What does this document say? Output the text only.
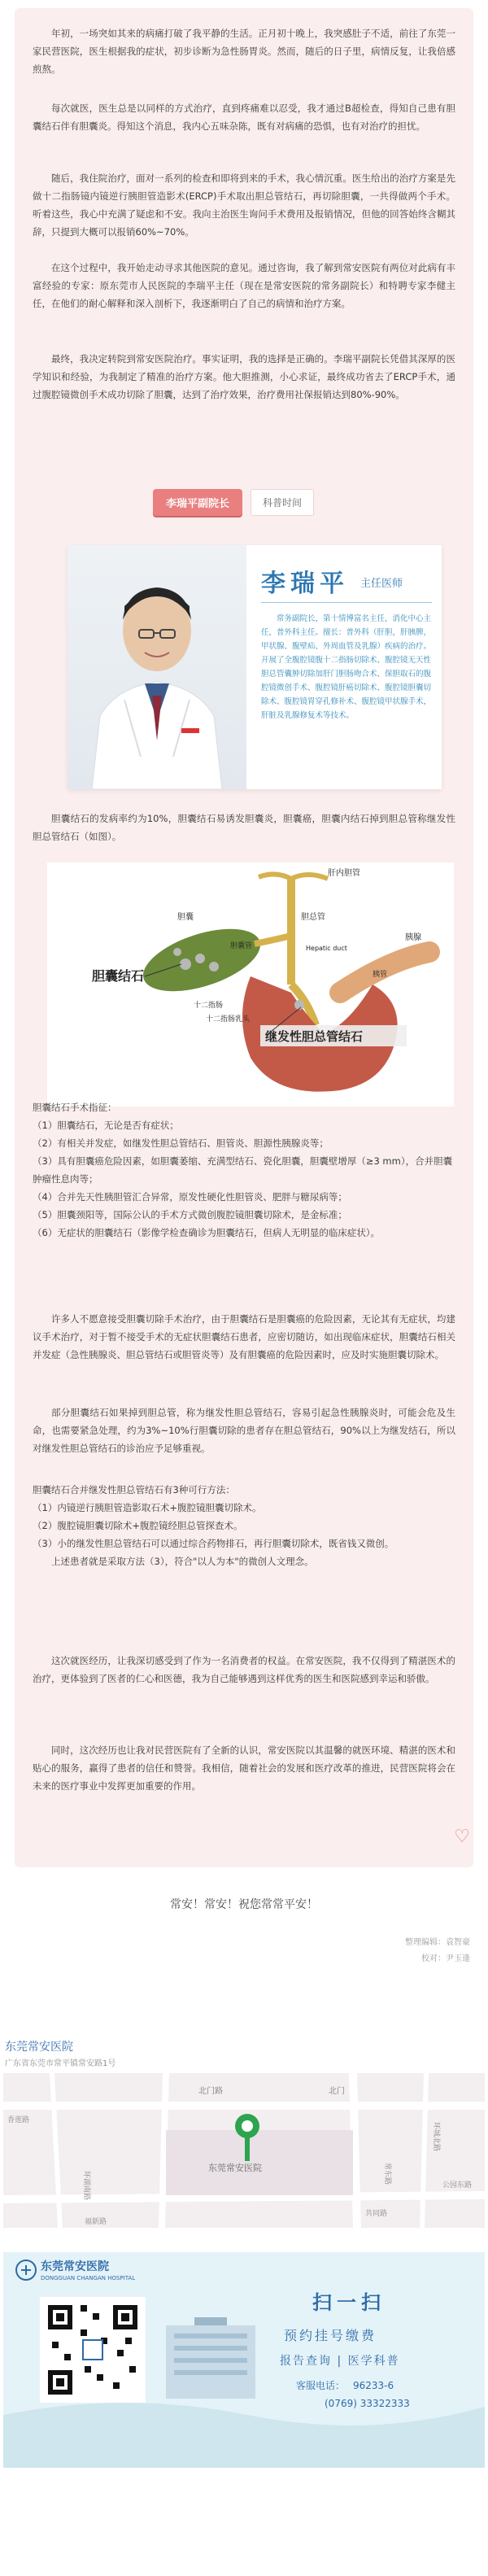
年初，一场突如其来的病痛打破了我平静的生活。正月初十晚上，我突感肚子不适，前往了东莞一家民营医院，医生根据我的症状，初步诊断为急性肠胃炎。然而，随后的日子里，病情反复，让我倍感煎熬。

每次就医，医生总是以同样的方式治疗，直到疼痛难以忍受，我才通过B超检查，得知自己患有胆囊结石伴有胆囊炎。得知这个消息，我内心五味杂陈，既有对病痛的恐惧，也有对治疗的担忧。

随后，我住院治疗，面对一系列的检查和即将到来的手术，我心情沉重。医生给出的治疗方案是先做十二指肠镜内镜逆行胰胆管造影术(ERCP)手术取出胆总管结石，再切除胆囊，一共得做两个手术。听着这些，我心中充满了疑虑和不安。我向主治医生询问手术费用及报销情况，但他的回答始终含糊其辞，只提到大概可以报销60%~70%。

在这个过程中，我开始走动寻求其他医院的意见。通过咨询，我了解到常安医院有两位对此病有丰富经验的专家：原东莞市人民医院的李瑞平主任（现在是常安医院的常务副院长）和特聘专家李健主任，在他们的耐心解释和深入剖析下，我逐渐明白了自己的病情和治疗方案。

最终，我决定转院到常安医院治疗。事实证明，我的选择是正确的。李瑞平副院长凭借其深厚的医学知识和经验，为我制定了精准的治疗方案。他大胆推测，小心求证，最终成功省去了ERCP手术，通过腹腔镜微创手术成功切除了胆囊，达到了治疗效果，治疗费用社保报销达到80%-90%。

李瑞平副院长	科普时间
李瑞平 主任医师

常务副院长，第十情博富名主任，消化中心主任，普外科主任。擅长：普外科（肝胆，肝胰脾，甲状腺、腹壁疝、外周血管及乳腺）疾病的治疗。开展了全腹腔镜腹十二指肠切除术、腹腔镜无天性胆总管囊肿切除加肝门胆肠吻合术、保胆取石的腹腔镜微创手术、腹腔镜肝癌切除术、腹腔镜胆囊切除术、腹腔镜胃穿孔修补术、腹腔镜甲状腺手术，肝脏及乳腺修复术等技术。

胆囊结石的发病率约为10%，胆囊结石易诱发胆囊炎，胆囊癌，胆囊内结石掉到胆总管称继发性胆总管结石（如图）。

胆囊结石
继发性胆总管结石
胆囊	胆总管
肝内胆管
Hepatic duct
胆囊管
十二指肠
胰腺
胰管
十二指肠乳头
胆囊结石手术指征：
（1）胆囊结石，无论是否有症状；
（2）有相关并发症，如继发性胆总管结石、胆管炎、胆源性胰腺炎等；
（3）具有胆囊癌危险因素，如胆囊萎缩、充满型结石、瓷化胆囊，胆囊壁增厚（≥3 mm），合并胆囊肿瘤性息肉等；
（4）合并先天性胰胆管汇合异常，原发性硬化性胆管炎、肥胖与糖尿病等；
（5）胆囊颈阳等，国际公认的手术方式微创腹腔镜胆囊切除术，是金标准；
（6）无症状的胆囊结石（影像学检查确诊为胆囊结石，但病人无明显的临床症状）。

许多人不愿意接受胆囊切除手术治疗，由于胆囊结石是胆囊癌的危险因素，无论其有无症状，均建议手术治疗，对于暂不接受手术的无症状胆囊结石患者，应密切随访，如出现临床症状，胆囊结石相关并发症（急性胰腺炎、胆总管结石或胆管炎等）及有胆囊癌的危险因素时，应及时实施胆囊切除术。

部分胆囊结石如果掉到胆总管，称为继发性胆总管结石，容易引起急性胰腺炎时，可能会危及生命，也需要紧急处理，约为3%~10%行胆囊切除的患者存在胆总管结石，90%以上为继发结石，所以对继发性胆总管结石的诊治应予足够重视。

胆囊结石合并继发性胆总管结石有3种可行方法：
（1）内镜逆行胰胆管造影取石术+腹腔镜胆囊切除术。
（2）腹腔镜胆囊切除术+腹腔镜经胆总管探查术。
（3）小的继发性胆总管结石可以通过综合药物排石，再行胆囊切除术，既省钱又微创。
上述患者就是采取方法（3），符合"以人为本"的微创人文理念。

这次就医经历，让我深切感受到了作为一名消费者的权益。在常安医院，我不仅得到了精湛医术的治疗，更体验到了医者的仁心和医德，我为自己能够遇到这样优秀的医生和医院感到幸运和骄傲。

同时，这次经历也让我对民营医院有了全新的认识，常安医院以其温馨的就医环境、精湛的医术和贴心的服务，赢得了患者的信任和赞誉。我相信，随着社会的发展和医疗改革的推进，民营医院将会在未来的医疗事业中发挥更加重要的作用。

♡
常安！常安！祝您常常平安！
整理编辑：袁智豪
校对：尹玉逢
东莞常安医院
广东省东莞市常平镇常安路1号
北门路	北门
东莞常安医院
环湖南路	常东路
环城北路
公园东路
福新路
共同路
香莲路
东莞常安医院
DONGGUAN CHANGAN HOSPITAL
扫一扫
预约挂号缴费
报告查询 | 医学科普
客服电话： 96233-6
(0769) 33322333
